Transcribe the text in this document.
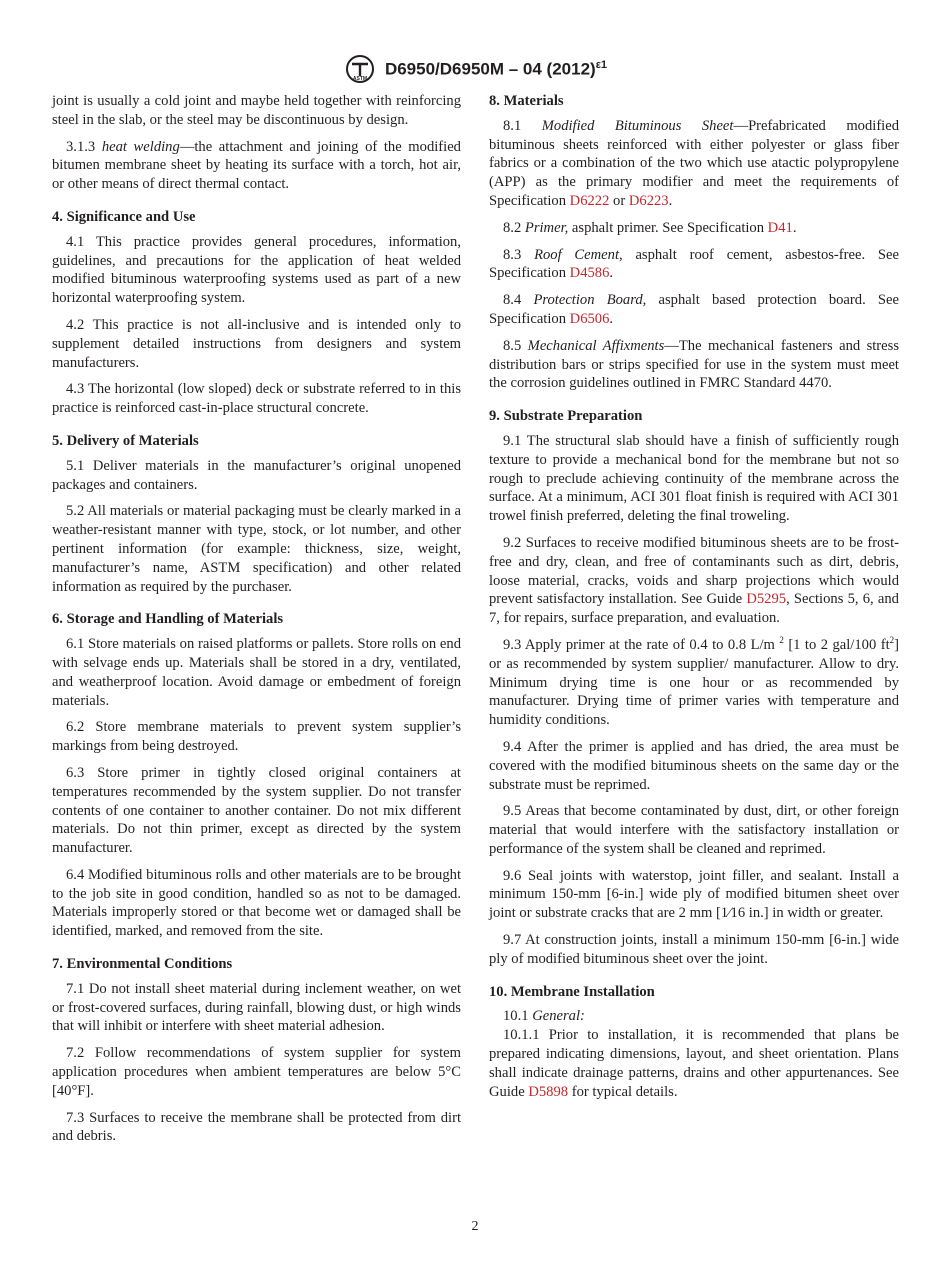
ASTM
D6950/D6950M – 04 $(2012)^{\varepsilon 1}$

joint is usually a cold joint and maybe held together with reinforcing steel in the slab, or the steel may be discontinuous by design.

3.1.3 heat welding—the attachment and joining of the modified bitumen membrane sheet by heating its surface with a torch, hot air, or other means of direct thermal contact.

4. Significance and Use

4.1 This practice provides general procedures, information, guidelines, and precautions for the application of heat welded modified bituminous waterproofing systems used as part of a new horizontal waterproofing system.

4.2 This practice is not all-inclusive and is intended only to supplement detailed instructions from designers and system manufacturers.

4.3 The horizontal (low sloped) deck or substrate referred to in this practice is reinforced cast-in-place structural concrete.

5. Delivery of Materials

5.1 Deliver materials in the manufacturer’s original unopened packages and containers.

5.2 All materials or material packaging must be clearly marked in a weather-resistant manner with type, stock, or lot number, and other pertinent information (for example: thickness, size, weight, manufacturer’s name, ASTM specification) and other related information as required by the purchaser.

6. Storage and Handling of Materials

6.1 Store materials on raised platforms or pallets. Store rolls on end with selvage ends up. Materials shall be stored in a dry, ventilated, and weatherproof location. Avoid damage or embedment of foreign materials.

6.2 Store membrane materials to prevent system supplier’s markings from being destroyed.

6.3 Store primer in tightly closed original containers at temperatures recommended by the system supplier. Do not transfer contents of one container to another container. Do not mix different materials. Do not thin primer, except as directed by the system manufacturer.

6.4 Modified bituminous rolls and other materials are to be brought to the job site in good condition, handled so as not to be damaged. Materials improperly stored or that become wet or damaged shall be identified, marked, and removed from the site.

7. Environmental Conditions

7.1 Do not install sheet material during inclement weather, on wet or frost-covered surfaces, during rainfall, blowing dust, or high winds that will inhibit or interfere with sheet material adhesion.

7.2 Follow recommendations of system supplier for system application procedures when ambient temperatures are below 5°C [40°F].

7.3 Surfaces to receive the membrane shall be protected from dirt and debris.

8. Materials

8.1 Modified Bituminous Sheet—Prefabricated modified bituminous sheets reinforced with either polyester or glass fiber fabrics or a combination of the two which use atactic polypropylene (APP) as the primary modifier and meet the requirements of Specification D6222 or D6223.

8.2 Primer, asphalt primer. See Specification D41.

8.3 Roof Cement, asphalt roof cement, asbestos-free. See Specification D4586.

8.4 Protection Board, asphalt based protection board. See Specification D6506.

8.5 Mechanical Affixments—The mechanical fasteners and stress distribution bars or strips specified for use in the system must meet the corrosion guidelines outlined in FMRC Standard 4470.

9. Substrate Preparation

9.1 The structural slab should have a finish of sufficiently rough texture to provide a mechanical bond for the membrane but not so rough to preclude achieving continuity of the membrane across the surface. At a minimum, ACI 301 float finish is required with ACI 301 trowel finish preferred, deleting the final troweling.

9.2 Surfaces to receive modified bituminous sheets are to be frost-free and dry, clean, and free of contaminants such as dirt, debris, loose material, cracks, voids and sharp projections which would prevent satisfactory installation. See Guide D5295, Sections 5, 6, and 7, for repairs, surface preparation, and evaluation.

9.3 Apply primer at the rate of 0.4 to 0.8 L/m $^2$ [1 to 2 gal/100 $ft^2$] or as recommended by system supplier/ manufacturer. Allow to dry. Minimum drying time is one hour or as recommended by manufacturer. Drying time of primer varies with temperature and humidity conditions.

9.4 After the primer is applied and has dried, the area must be covered with the modified bituminous sheets on the same day or the substrate must be reprimed.

9.5 Areas that become contaminated by dust, dirt, or other foreign material that would interfere with the satisfactory installation or performance of the system shall be cleaned and reprimed.

9.6 Seal joints with waterstop, joint filler, and sealant. Install a minimum 150-mm [6-in.] wide ply of modified bitumen sheet over joint or substrate cracks that are 2 mm [1⁄16 in.] in width or greater.

9.7 At construction joints, install a minimum 150-mm [6-in.] wide ply of modified bituminous sheet over the joint.

10. Membrane Installation

10.1 General:

10.1.1 Prior to installation, it is recommended that plans be prepared indicating dimensions, layout, and sheet orientation. Plans shall indicate drainage patterns, drains and other appurtenances. See Guide D5898 for typical details.

2
